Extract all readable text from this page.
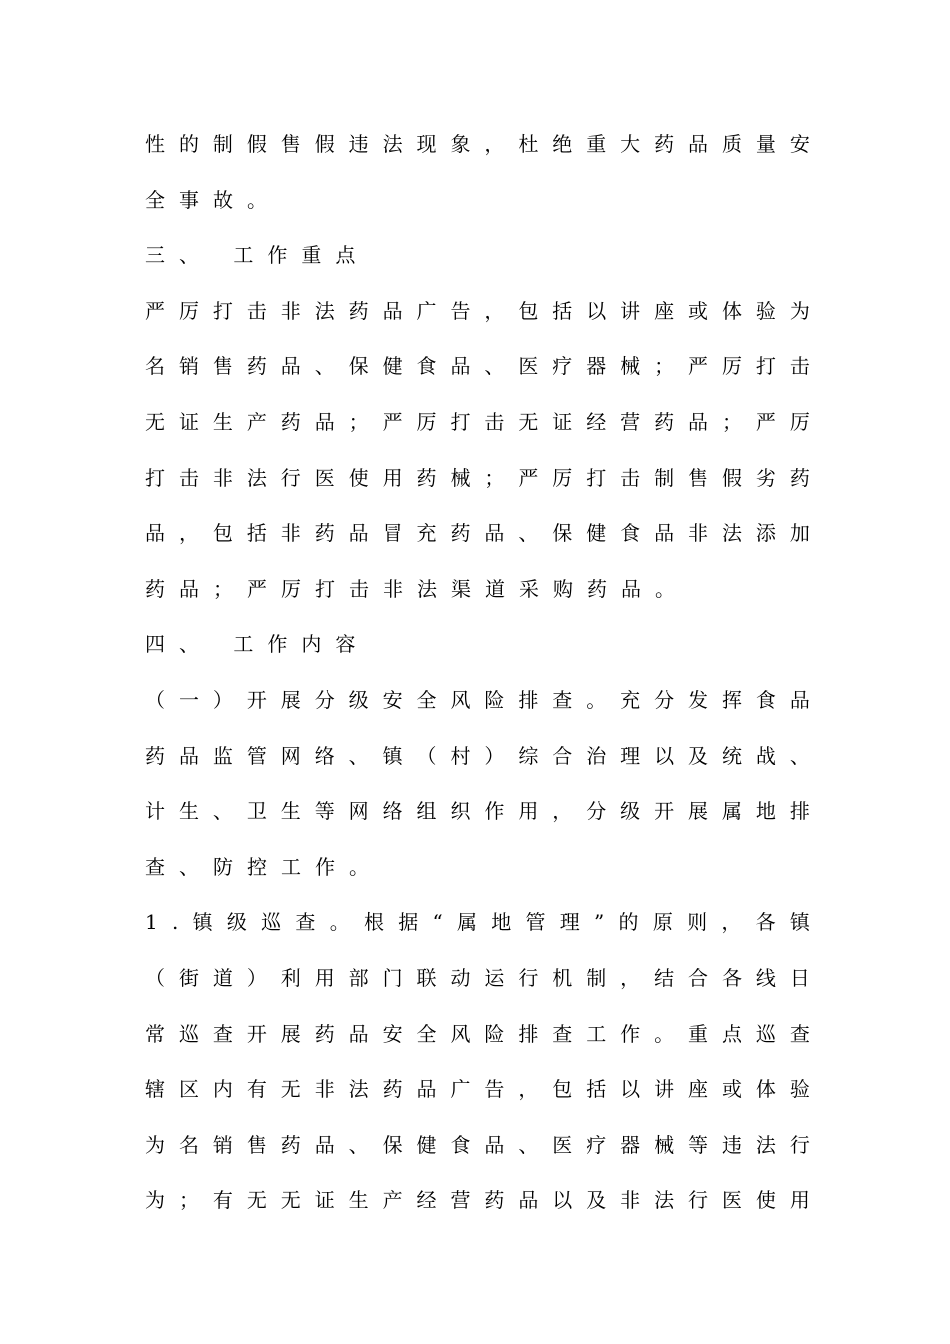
性 的 制 假 售 假 违 法 现 象 ， 杜 绝 重 大 药 品 质 量 安
全事故。
三、 工作重点
严 厉 打 击 非 法 药 品 广 告 ， 包 括 以 讲 座 或 体 验 为
名 销 售 药 品 、 保 健 食 品 、 医 疗 器 械 ； 严 厉 打 击
无 证 生 产 药 品 ； 严 厉 打 击 无 证 经 营 药 品 ； 严 厉
打 击 非 法 行 医 使 用 药 械 ； 严 厉 打 击 制 售 假 劣 药
品 ， 包 括 非 药 品 冒 充 药 品 、 保 健 食 品 非 法 添 加
药品；严厉打击非法渠道采购药品。
四、 工作内容
（ 一 ） 开 展 分 级 安 全 风 险 排 查 。 充 分 发 挥 食 品
药 品 监 管 网 络 、 镇 （ 村 ） 综 合 治 理 以 及 统 战 、
计 生 、 卫 生 等 网 络 组 织 作 用 ， 分 级 开 展 属 地 排
查、防控工作。
1 . 镇 级 巡 查 。 根 据 “ 属 地 管 理 ” 的 原 则 ， 各 镇
（ 街 道 ） 利 用 部 门 联 动 运 行 机 制 ， 结 合 各 线 日
常 巡 查 开 展 药 品 安 全 风 险 排 查 工 作 。 重 点 巡 查
辖 区 内 有 无 非 法 药 品 广 告 ， 包 括 以 讲 座 或 体 验
为 名 销 售 药 品 、 保 健 食 品 、 医 疗 器 械 等 违 法 行
为 ； 有 无 无 证 生 产 经 营 药 品 以 及 非 法 行 医 使 用
